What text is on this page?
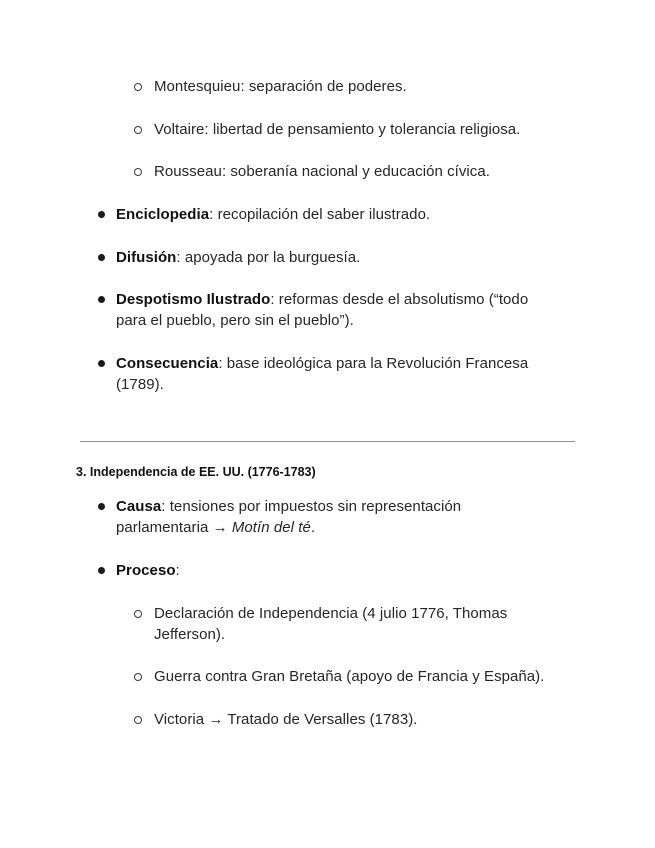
Montesquieu: separación de poderes.
Voltaire: libertad de pensamiento y tolerancia religiosa.
Rousseau: soberanía nacional y educación cívica.
Enciclopedia: recopilación del saber ilustrado.
Difusión: apoyada por la burguesía.
Despotismo Ilustrado: reformas desde el absolutismo (“todo
para el pueblo, pero sin el pueblo”).
Consecuencia: base ideológica para la Revolución Francesa
(1789).
3. Independencia de EE. UU. (1776-1783)
Causa: tensiones por impuestos sin representación
parlamentaria → Motín del té.
Proceso:
Declaración de Independencia (4 julio 1776, Thomas
Jefferson).
Guerra contra Gran Bretaña (apoyo de Francia y España).
Victoria → Tratado de Versalles (1783).
